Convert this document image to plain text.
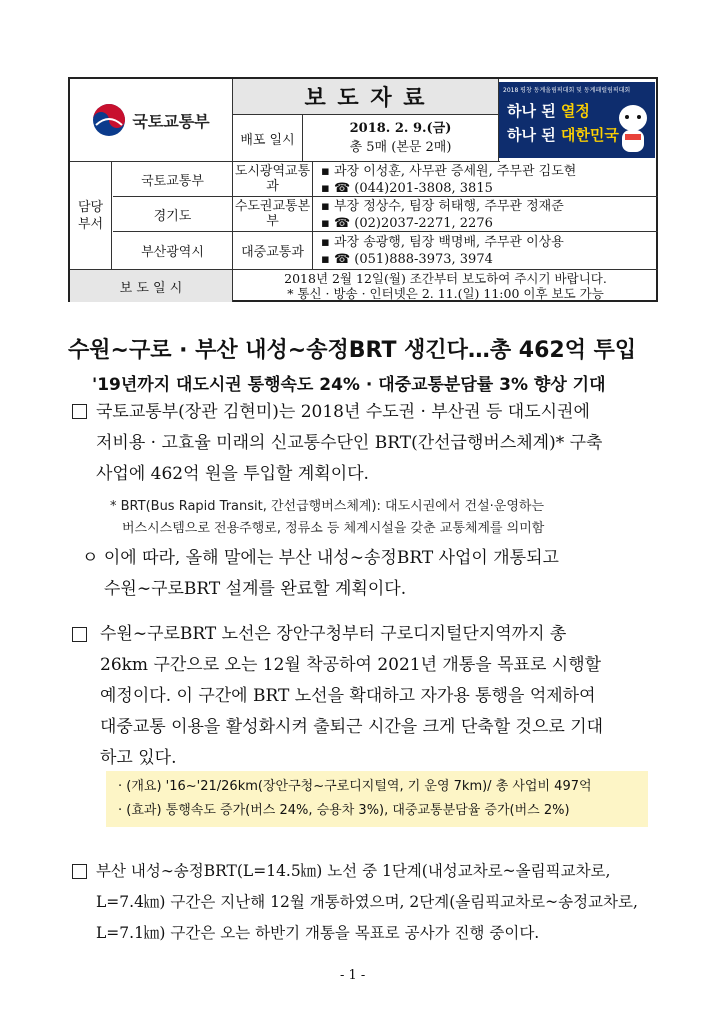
국토교통부
보 도 자 료
배포 일시
2018. 2. 9.(금)
총 5매 (본문 2매)
담당
부서
국토교통부
도시광역교통과
▪ 과장 이성훈, 사무관 증세원, 주무관 김도현
▪ ☎ (044)201-3808, 3815
경기도
수도권교통본부
▪ 부장 정상수, 팀장 허태행, 주무관 정재준
▪ ☎ (02)2037-2271, 2276
부산광역시	대중교통과
▪ 과장 송광행, 팀장 백명배, 주무관 이상용
▪ ☎ (051)888-3973, 3974
보 도 일 시
2018년 2월 12일(월) 조간부터 보도하여 주시기 바랍니다.
* 통신 · 방송 · 인터넷은 2. 11.(일) 11:00 이후 보도 가능
2018 평창 동계올림픽대회 및 동계패럴림픽대회
하나 된 열정
하나 된 대한민국
수원~구로 · 부산 내성~송정BRT 생긴다…총 462억 투입
'19년까지 대도시권 통행속도 24% · 대중교통분담률 3% 향상 기대
국토교통부(장관 김현미)는 2018년 수도권 · 부산권 등 대도시권에
저비용 · 고효율 미래의 신교통수단인 BRT(간선급행버스체계)* 구축
사업에 462억 원을 투입할 계획이다.
* BRT(Bus Rapid Transit, 간선급행버스체계): 대도시권에서 건설·운영하는
버스시스템으로 전용주행로, 정류소 등 체계시설을 갖춘 교통체계를 의미함
ㅇ 이에 따라, 올해 말에는 부산 내성∼송정BRT 사업이 개통되고
수원∼구로BRT 설계를 완료할 계획이다.
수원∼구로BRT 노선은 장안구청부터 구로디지털단지역까지 총
26km 구간으로 오는 12월 착공하여 2021년 개통을 목표로 시행할
예정이다. 이 구간에 BRT 노선을 확대하고 자가용 통행을 억제하여
대중교통 이용을 활성화시켜 출퇴근 시간을 크게 단축할 것으로 기대
하고 있다.
· (개요) '16~'21/26km(장안구청~구로디지털역, 기 운영 7km)/ 총 사업비 497억
· (효과) 통행속도 증가(버스 24%, 승용차 3%), 대중교통분담율 증가(버스 2%)
부산 내성∼송정BRT(L=14.5㎞) 노선 중 1단계(내성교차로~올림픽교차로,
L=7.4㎞) 구간은 지난해 12월 개통하였으며, 2단계(올림픽교차로~송정교차로,
L=7.1㎞) 구간은 오는 하반기 개통을 목표로 공사가 진행 중이다.
- 1 -
